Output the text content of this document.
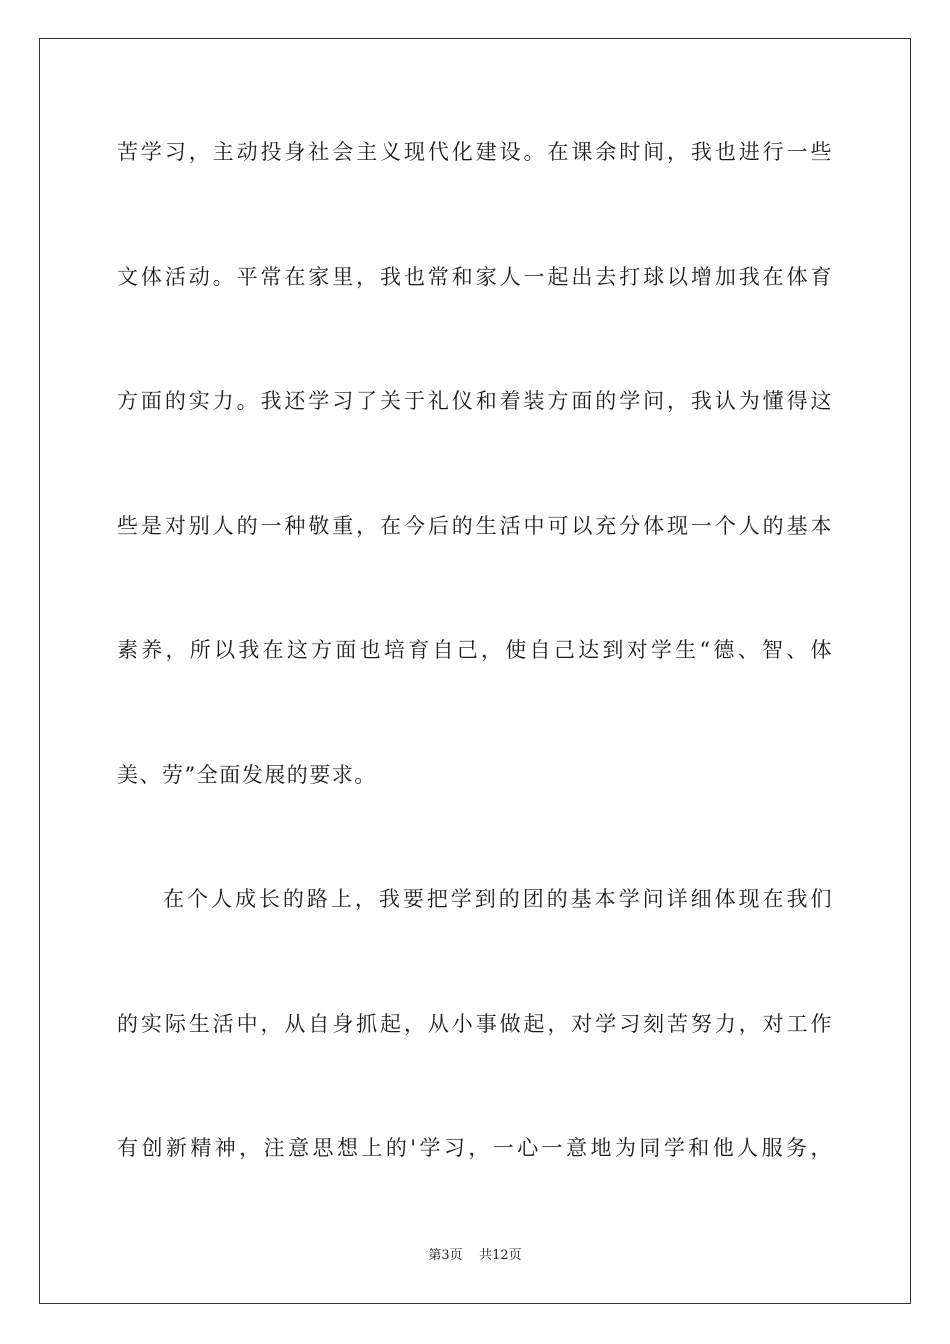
苦学习，主动投身社会主义现代化建设。在课余时间，我也进行一些
文体活动。平常在家里，我也常和家人一起出去打球以增加我在体育
方面的实力。我还学习了关于礼仪和着装方面的学问，我认为懂得这
些是对别人的一种敬重，在今后的生活中可以充分体现一个人的基本
素养，所以我在这方面也培育自己，使自己达到对学生“德、智、体
美、劳”全面发展的要求。
在个人成长的路上，我要把学到的团的基本学问详细体现在我们
的实际生活中，从自身抓起，从小事做起，对学习刻苦努力，对工作
有创新精神，注意思想上的'学习，一心一意地为同学和他人服务，
第3页 共12页
